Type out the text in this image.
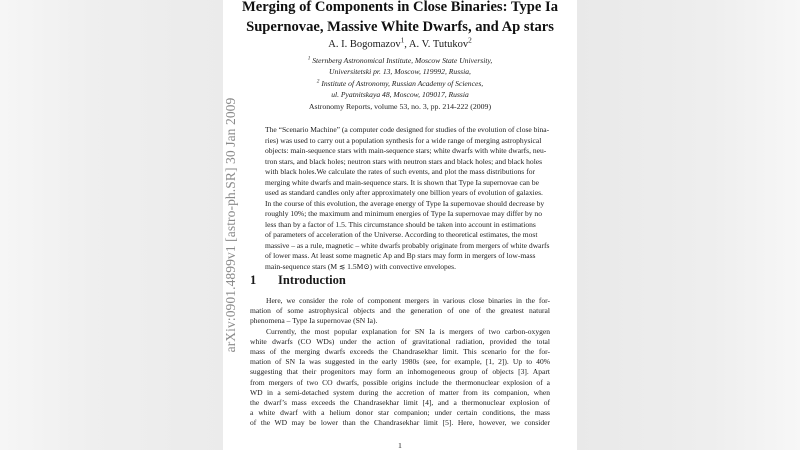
Merging of Components in Close Binaries: Type Ia
Supernovae, Massive White Dwarfs, and Ap stars
A. I. Bogomazov$^1$, A. V. Tutukov$^2$
$^1$ Sternberg Astronomical Institute, Moscow State University,
Universitetski pr. 13, Moscow, 119992, Russia,
$^2$ Institute of Astronomy, Russian Academy of Sciences,
ul. Pyatnitskaya 48, Moscow, 109017, Russia
Astronomy Reports, volume 53, no. 3, pp. 214-222 (2009)
The “Scenario Machine” (a computer code designed for studies of the evolution of close bina-
ries) was used to carry out a population synthesis for a wide range of merging astrophysical
objects: main-sequence stars with main-sequence stars; white dwarfs with white dwarfs, neu-
tron stars, and black holes; neutron stars with neutron stars and black holes; and black holes
with black holes.We calculate the rates of such events, and plot the mass distributions for
merging white dwarfs and main-sequence stars. It is shown that Type Ia supernovae can be
used as standard candles only after approximately one billion years of evolution of galaxies.
In the course of this evolution, the average energy of Type Ia supernovae should decrease by
roughly 10%; the maximum and minimum energies of Type Ia supernovae may differ by no
less than by a factor of 1.5. This circumstance should be taken into account in estimations
of parameters of acceleration of the Universe. According to theoretical estimates, the most
massive – as a rule, magnetic – white dwarfs probably originate from mergers of white dwarfs
of lower mass. At least some magnetic Ap and Bp stars may form in mergers of low-mass
main-sequence stars (M ≲ 1.5M⊙) with convective envelopes.
1 Introduction
Here, we consider the role of component mergers in various close binaries in the for-
mation of some astrophysical objects and the generation of one of the greatest natural
phenomena – Type Ia supernovae (SN Ia).
Currently, the most popular explanation for SN Ia is mergers of two carbon-oxygen
white dwarfs (CO WDs) under the action of gravitational radiation, provided the total
mass of the merging dwarfs exceeds the Chandrasekhar limit. This scenario for the for-
mation of SN Ia was suggested in the early 1980s (see, for example, [1, 2]). Up to 40%
suggesting that their progenitors may form an inhomogeneous group of objects [3]. Apart
from mergers of two CO dwarfs, possible origins include the thermonuclear explosion of a
WD in a semi-detached system during the accretion of matter from its companion, when
the dwarf’s mass exceeds the Chandrasekhar limit [4], and a thermonuclear explosion of
a white dwarf with a helium donor star companion; under certain conditions, the mass
of the WD may be lower than the Chandrasekhar limit [5]. Here, however, we consider
1
arXiv:0901.4899v1 [astro-ph.SR] 30 Jan 2009
